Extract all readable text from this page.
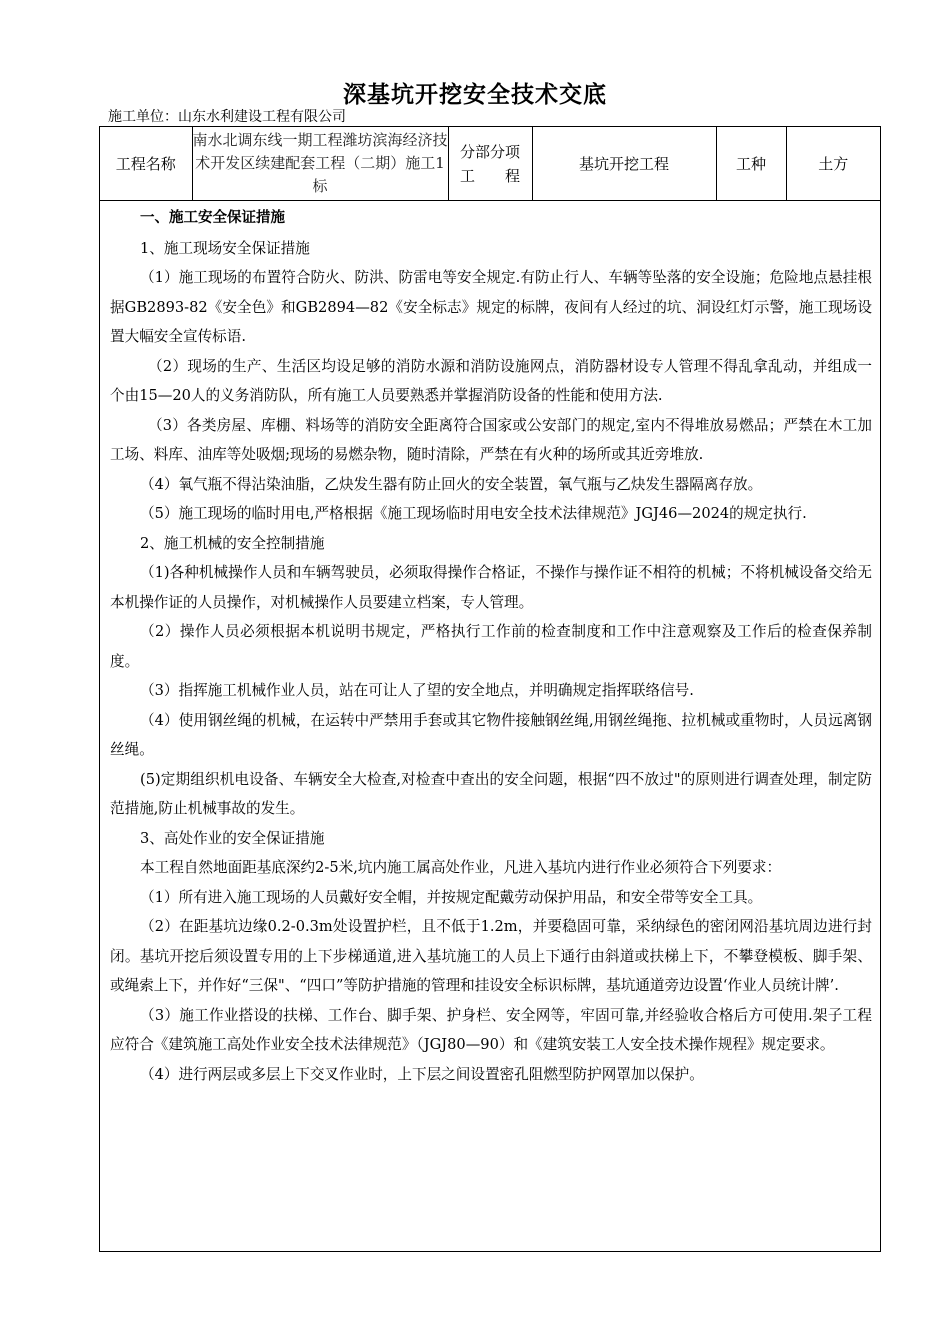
深基坑开挖安全技术交底
施工单位：山东水利建设工程有限公司
工程名称	南水北调东线一期工程潍坊滨海经济技术开发区续建配套工程（二期）施工1标	
分部分项
工　　程
	基坑开挖工程	工种	土方

一、施工安全保证措施

1、施工现场安全保证措施

（1）施工现场的布置符合防火、防洪、防雷电等安全规定.有防止行人、车辆等坠落的安全设施；危险地点悬挂根据GB2893-82《安全色》和GB2894—82《安全标志》规定的标牌，夜间有人经过的坑、洞设红灯示警，施工现场设置大幅安全宣传标语.

（2）现场的生产、生活区均设足够的消防水源和消防设施网点，消防器材设专人管理不得乱拿乱动，并组成一个由15—20人的义务消防队，所有施工人员要熟悉并掌握消防设备的性能和使用方法.

（3）各类房屋、库棚、料场等的消防安全距离符合国家或公安部门的规定,室内不得堆放易燃品；严禁在木工加工场、料库、油库等处吸烟;现场的易燃杂物，随时清除，严禁在有火种的场所或其近旁堆放.

（4）氧气瓶不得沾染油脂，乙炔发生器有防止回火的安全装置，氧气瓶与乙炔发生器隔离存放。

（5）施工现场的临时用电,严格根据《施工现场临时用电安全技术法律规范》JGJ46—2024的规定执行.

2、施工机械的安全控制措施

（1)各种机械操作人员和车辆驾驶员，必须取得操作合格证，不操作与操作证不相符的机械；不将机械设备交给无本机操作证的人员操作，对机械操作人员要建立档案，专人管理。

（2）操作人员必须根据本机说明书规定，严格执行工作前的检查制度和工作中注意观察及工作后的检查保养制度。

（3）指挥施工机械作业人员，站在可让人了望的安全地点，并明确规定指挥联络信号.

（4）使用钢丝绳的机械，在运转中严禁用手套或其它物件接触钢丝绳,用钢丝绳拖、拉机械或重物时，人员远离钢丝绳。

(5)定期组织机电设备、车辆安全大检查,对检查中查出的安全问题，根据“四不放过"的原则进行调查处理，制定防范措施,防止机械事故的发生。

3、高处作业的安全保证措施

本工程自然地面距基底深约2-5米,坑内施工属高处作业，凡进入基坑内进行作业必须符合下列要求：

（1）所有进入施工现场的人员戴好安全帽，并按规定配戴劳动保护用品，和安全带等安全工具。

（2）在距基坑边缘0.2-0.3m处设置护栏，且不低于1.2m，并要稳固可靠，采纳绿色的密闭网沿基坑周边进行封闭。基坑开挖后须设置专用的上下步梯通道,进入基坑施工的人员上下通行由斜道或扶梯上下，不攀登模板、脚手架、或绳索上下，并作好“三保"、“四口”等防护措施的管理和挂设安全标识标牌，基坑通道旁边设置‘作业人员统计牌’.

（3）施工作业搭设的扶梯、工作台、脚手架、护身栏、安全网等，牢固可靠,并经验收合格后方可使用.架子工程应符合《建筑施工高处作业安全技术法律规范》（JGJ80—90）和《建筑安装工人安全技术操作规程》规定要求。

（4）进行两层或多层上下交叉作业时，上下层之间设置密孔阻燃型防护网罩加以保护。
